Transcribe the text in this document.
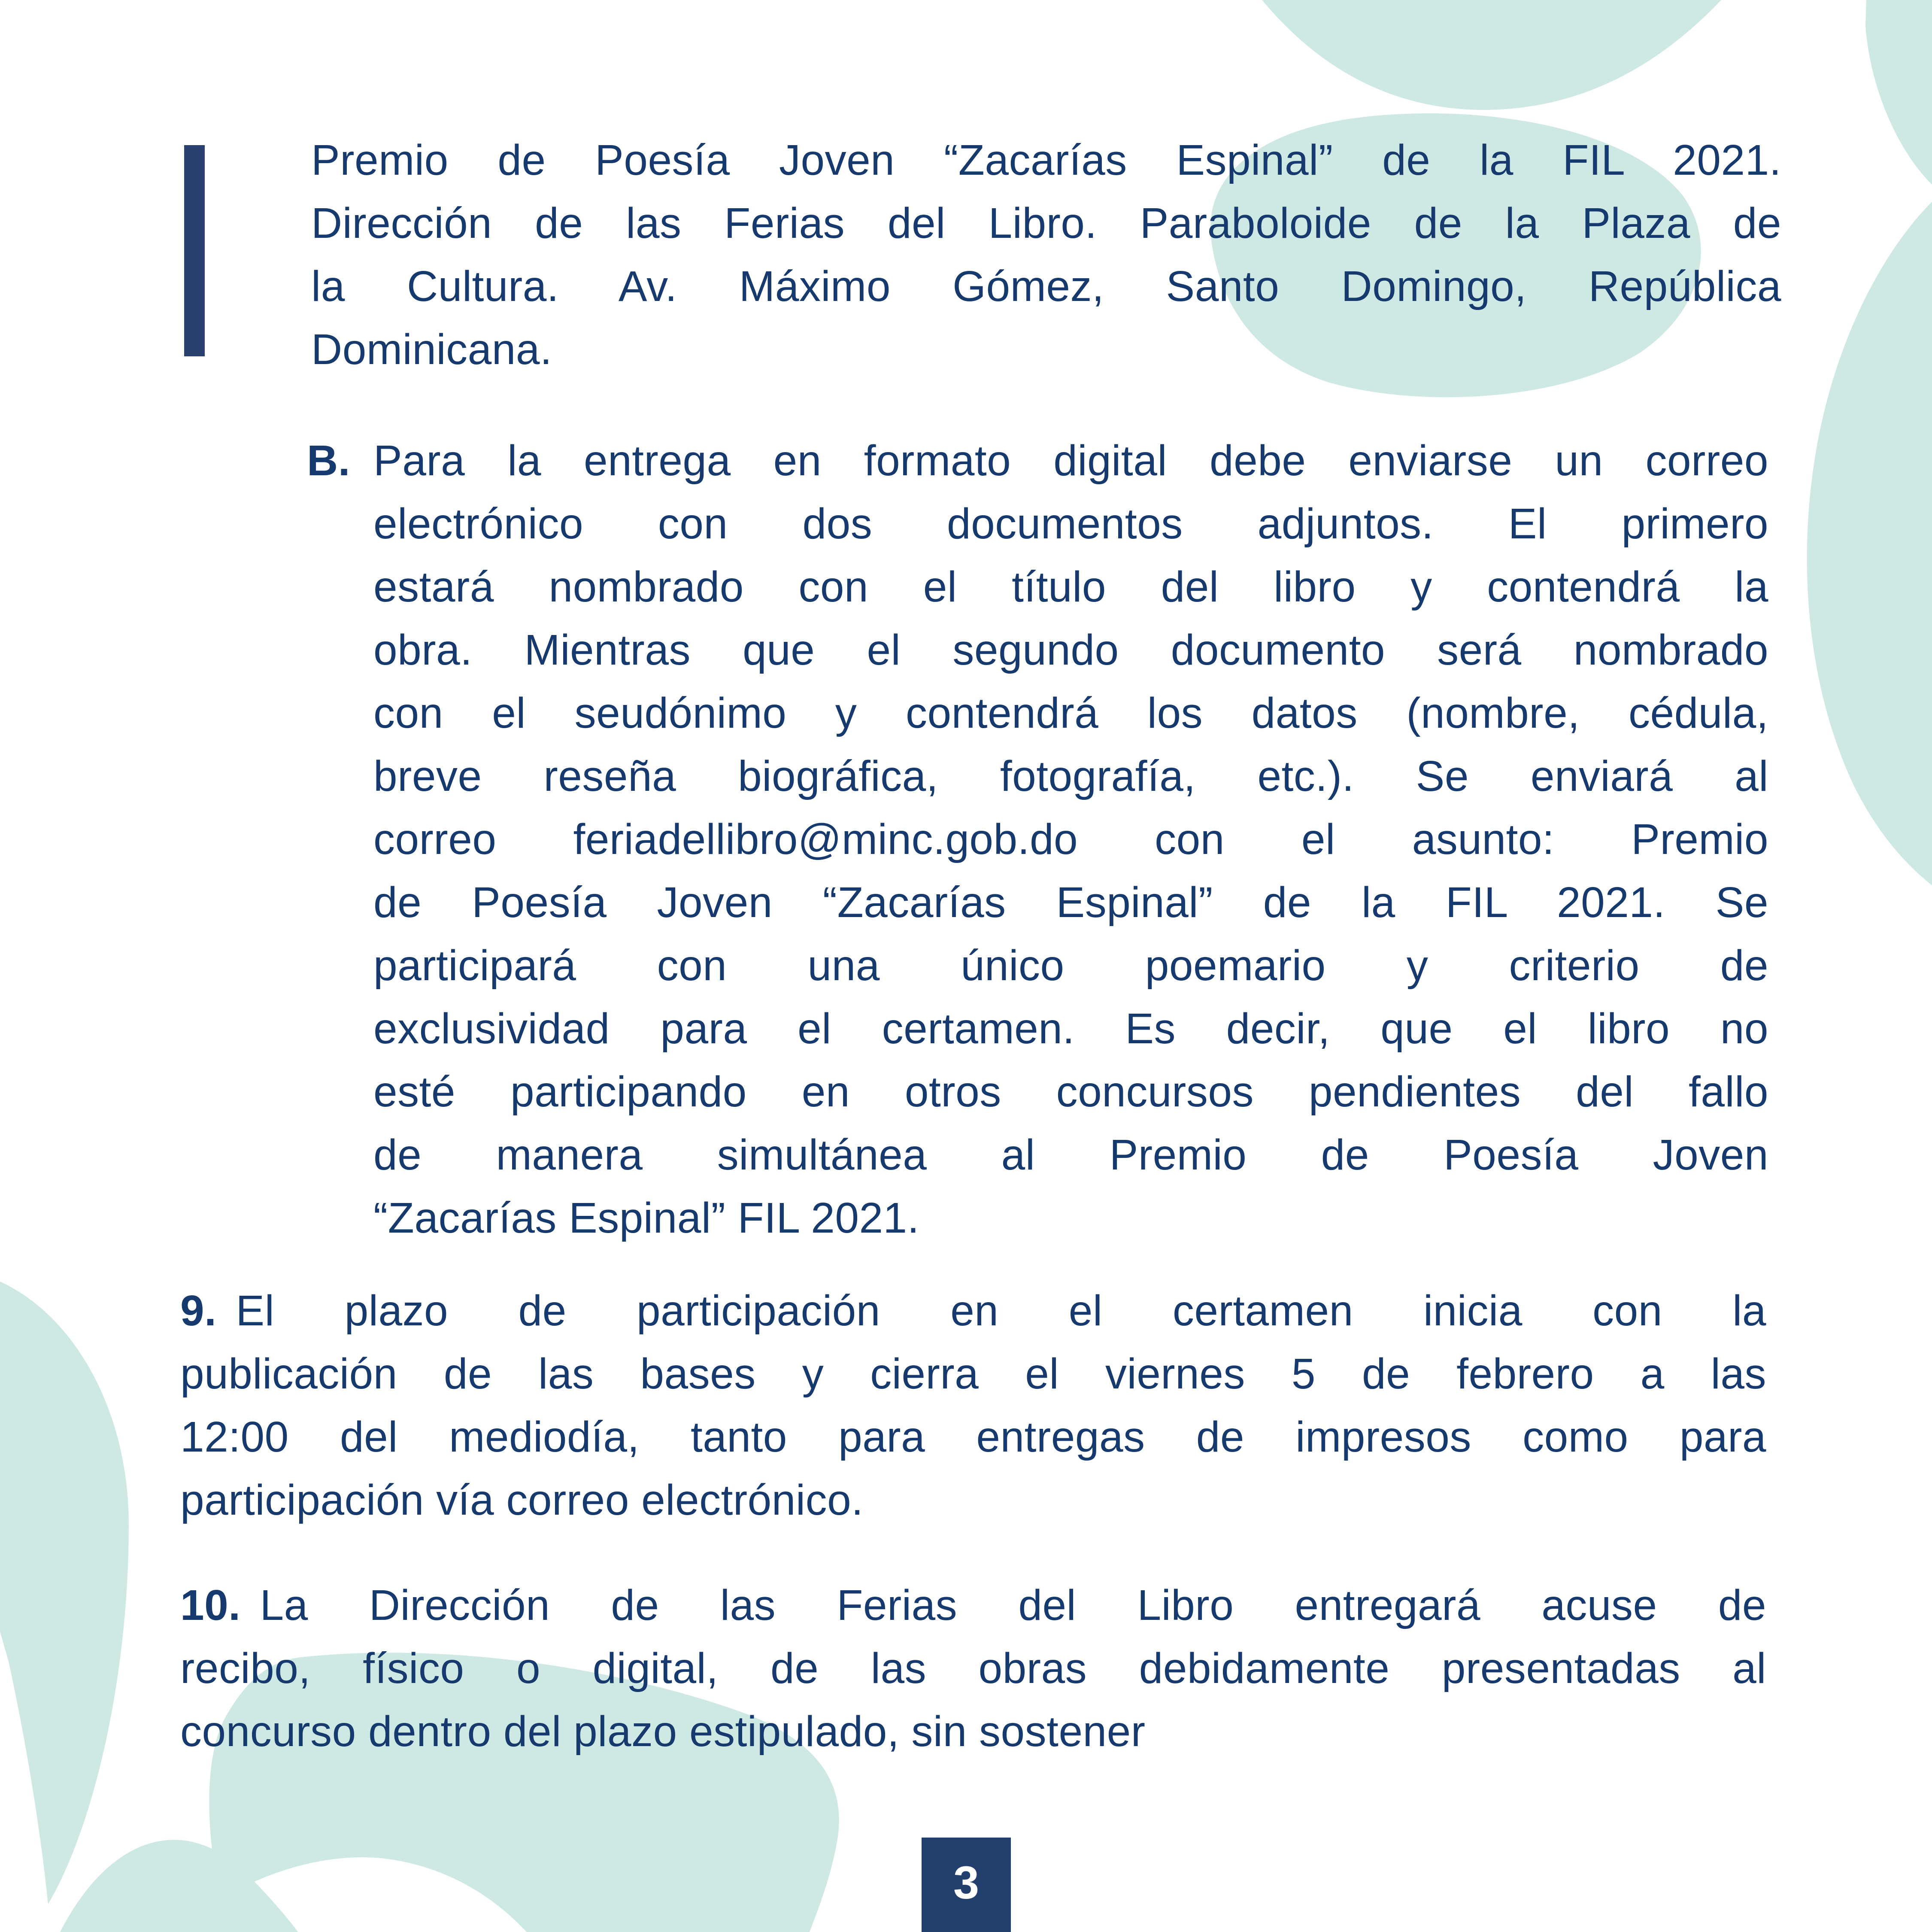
Premio de Poesía Joven “Zacarías Espinal” de la FIL 2021.
Dirección de las Ferias del Libro. Paraboloide de la Plaza de
la Cultura. Av. Máximo Gómez, Santo Domingo, República
Dominicana.
B. Para la entrega en formato digital debe enviarse un correo
electrónico con dos documentos adjuntos. El primero
estará nombrado con el título del libro y contendrá la
obra. Mientras que el segundo documento será nombrado
con el seudónimo y contendrá los datos (nombre, cédula,
breve reseña biográfica, fotografía, etc.). Se enviará al
correo feriadellibro@minc.gob.do con el asunto: Premio
de Poesía Joven “Zacarías Espinal” de la FIL 2021. Se
participará con una único poemario y criterio de
exclusividad para el certamen. Es decir, que el libro no
esté participando en otros concursos pendientes del fallo
de manera simultánea al Premio de Poesía Joven
“Zacarías Espinal” FIL 2021.
9. El plazo de participación en el certamen inicia con la
publicación de las bases y cierra el viernes 5 de febrero a las
12:00 del mediodía, tanto para entregas de impresos como para
participación vía correo electrónico.
10. La Dirección de las Ferias del Libro entregará acuse de
recibo, físico o digital, de las obras debidamente presentadas al
concurso dentro del plazo estipulado, sin sostener
3
